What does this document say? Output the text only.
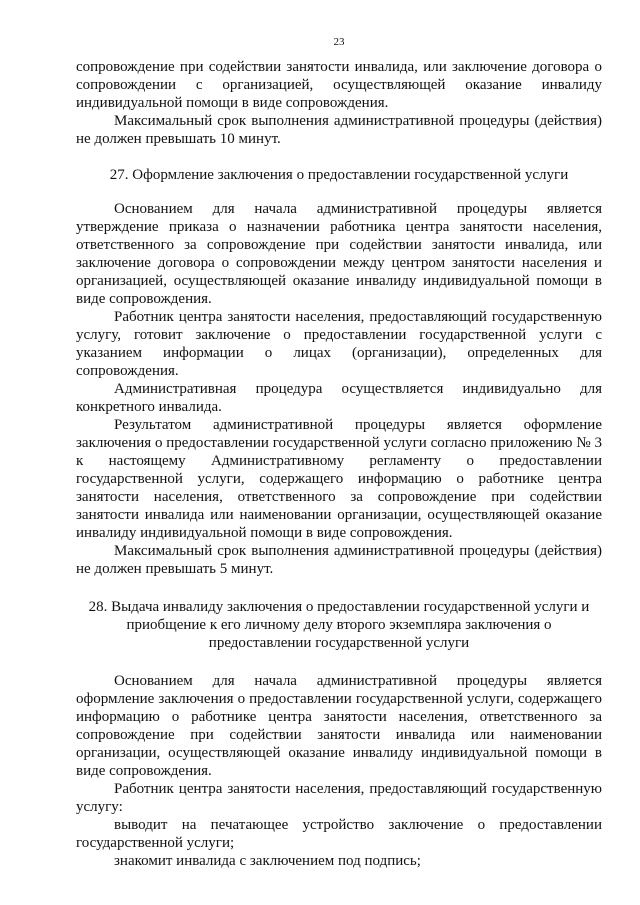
23

сопровождение при содействии занятости инвалида, или заключение договора о сопровождении с организацией, осуществляющей оказание инвалиду индивидуальной помощи в виде сопровождения.

Максимальный срок выполнения административной процедуры (действия) не должен превышать 10 минут.

27. Оформление заключения о предоставлении государственной услуги

Основанием для начала административной процедуры является утверждение приказа о назначении работника центра занятости населения, ответственного за сопровождение при содействии занятости инвалида, или заключение договора о сопровождении между центром занятости населения и организацией, осуществляющей оказание инвалиду индивидуальной помощи в виде сопровождения.

Работник центра занятости населения, предоставляющий государственную услугу, готовит заключение о предоставлении государственной услуги с указанием информации о лицах (организации), определенных для сопровождения.

Административная процедура осуществляется индивидуально для конкретного инвалида.

Результатом административной процедуры является оформление заключения о предоставлении государственной услуги согласно приложению № 3 к настоящему Административному регламенту о предоставлении государственной услуги, содержащего информацию о работнике центра занятости населения, ответственного за сопровождение при содействии занятости инвалида или наименовании организации, осуществляющей оказание инвалиду индивидуальной помощи в виде сопровождения.

Максимальный срок выполнения административной процедуры (действия) не должен превышать 5 минут.

28. Выдача инвалиду заключения о предоставлении государственной услуги и приобщение к его личному делу второго экземпляра заключения о предоставлении государственной услуги

Основанием для начала административной процедуры является оформление заключения о предоставлении государственной услуги, содержащего информацию о работнике центра занятости населения, ответственного за сопровождение при содействии занятости инвалида или наименовании организации, осуществляющей оказание инвалиду индивидуальной помощи в виде сопровождения.

Работник центра занятости населения, предоставляющий государственную услугу:

выводит на печатающее устройство заключение о предоставлении государственной услуги;

знакомит инвалида с заключением под подпись;
